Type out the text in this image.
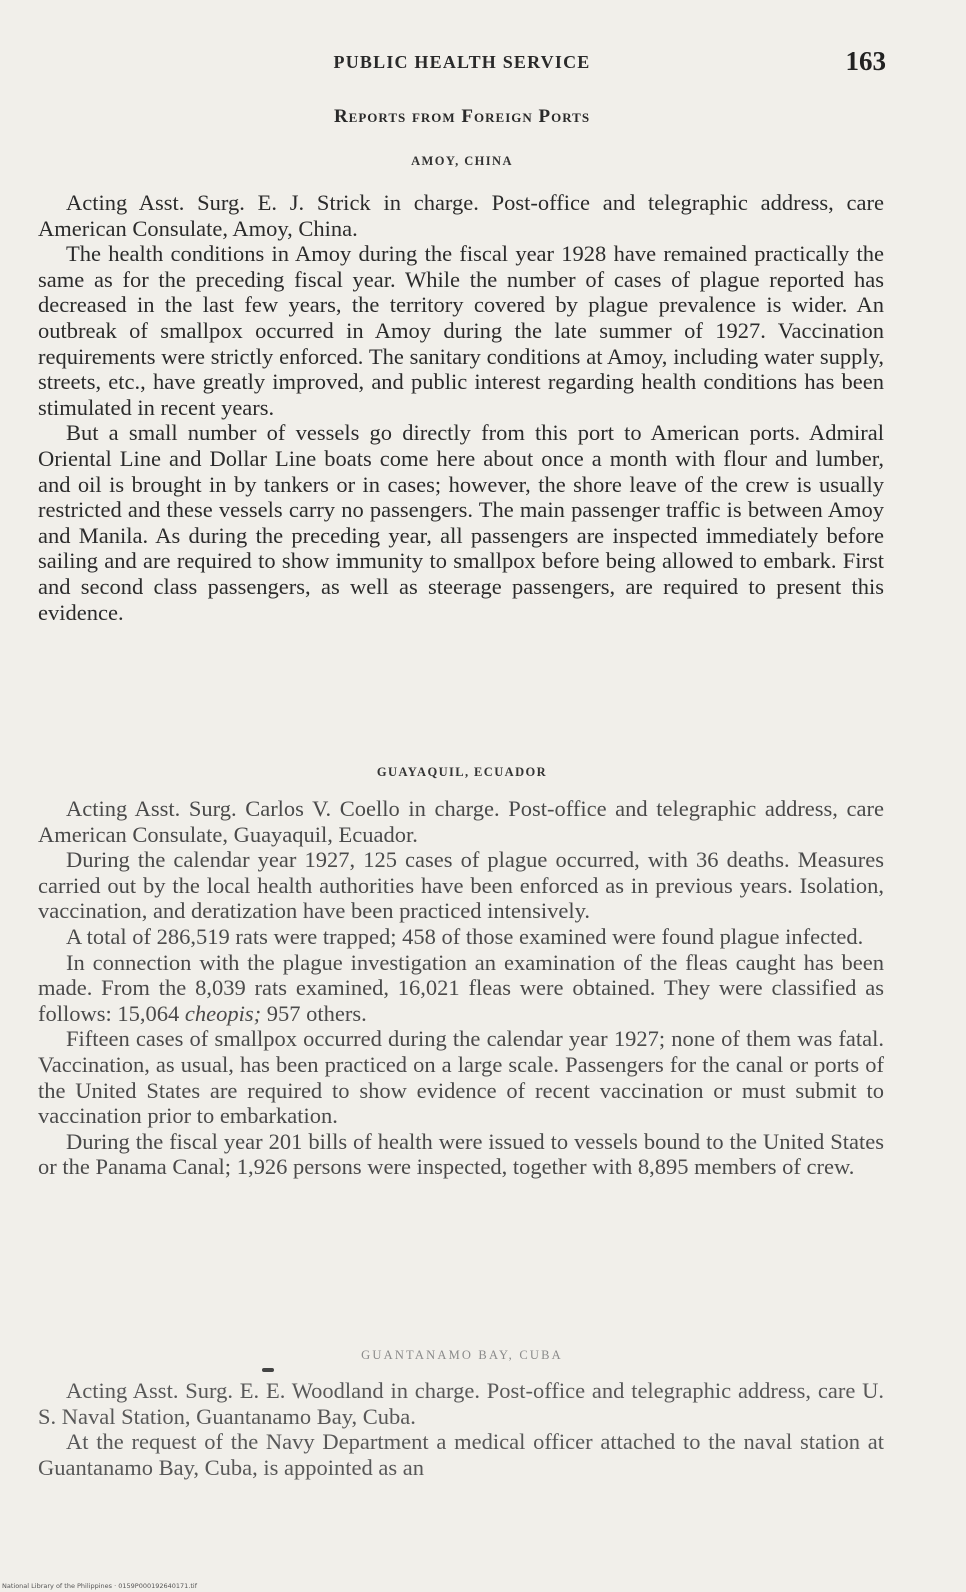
PUBLIC HEALTH SERVICE	163
Reports from Foreign Ports
AMOY, CHINA

Acting Asst. Surg. E. J. Strick in charge. Post-office and telegraphic address, care American Consulate, Amoy, China.

The health conditions in Amoy during the fiscal year 1928 have remained practically the same as for the preceding fiscal year. While the number of cases of plague reported has decreased in the last few years, the territory covered by plague prevalence is wider. An outbreak of smallpox occurred in Amoy during the late summer of 1927. Vaccination requirements were strictly enforced. The sanitary conditions at Amoy, including water supply, streets, etc., have greatly improved, and public interest regarding health conditions has been stimulated in recent years.

But a small number of vessels go directly from this port to American ports. Admiral Oriental Line and Dollar Line boats come here about once a month with flour and lumber, and oil is brought in by tankers or in cases; however, the shore leave of the crew is usually restricted and these vessels carry no passengers. The main passenger traffic is between Amoy and Manila. As during the preceding year, all passengers are inspected immediately before sailing and are required to show immunity to smallpox before being allowed to embark. First and second class passengers, as well as steerage passengers, are required to present this evidence.

GUAYAQUIL, ECUADOR

Acting Asst. Surg. Carlos V. Coello in charge. Post-office and telegraphic address, care American Consulate, Guayaquil, Ecuador.

During the calendar year 1927, 125 cases of plague occurred, with 36 deaths. Measures carried out by the local health authorities have been enforced as in previous years. Isolation, vaccination, and deratization have been practiced intensively.

A total of 286,519 rats were trapped; 458 of those examined were found plague infected.

In connection with the plague investigation an examination of the fleas caught has been made. From the 8,039 rats examined, 16,021 fleas were obtained. They were classified as follows: 15,064 cheopis; 957 others.

Fifteen cases of smallpox occurred during the calendar year 1927; none of them was fatal. Vaccination, as usual, has been practiced on a large scale. Passengers for the canal or ports of the United States are required to show evidence of recent vaccination or must submit to vaccination prior to embarkation.

During the fiscal year 201 bills of health were issued to vessels bound to the United States or the Panama Canal; 1,926 persons were inspected, together with 8,895 members of crew.

GUANTANAMO BAY, CUBA

Acting Asst. Surg. E. E. Woodland in charge. Post-office and telegraphic address, care U. S. Naval Station, Guantanamo Bay, Cuba.

At the request of the Navy Department a medical officer attached to the naval station at Guantanamo Bay, Cuba, is appointed as an

National Library of the Philippines · 0159P000192640171.tif
